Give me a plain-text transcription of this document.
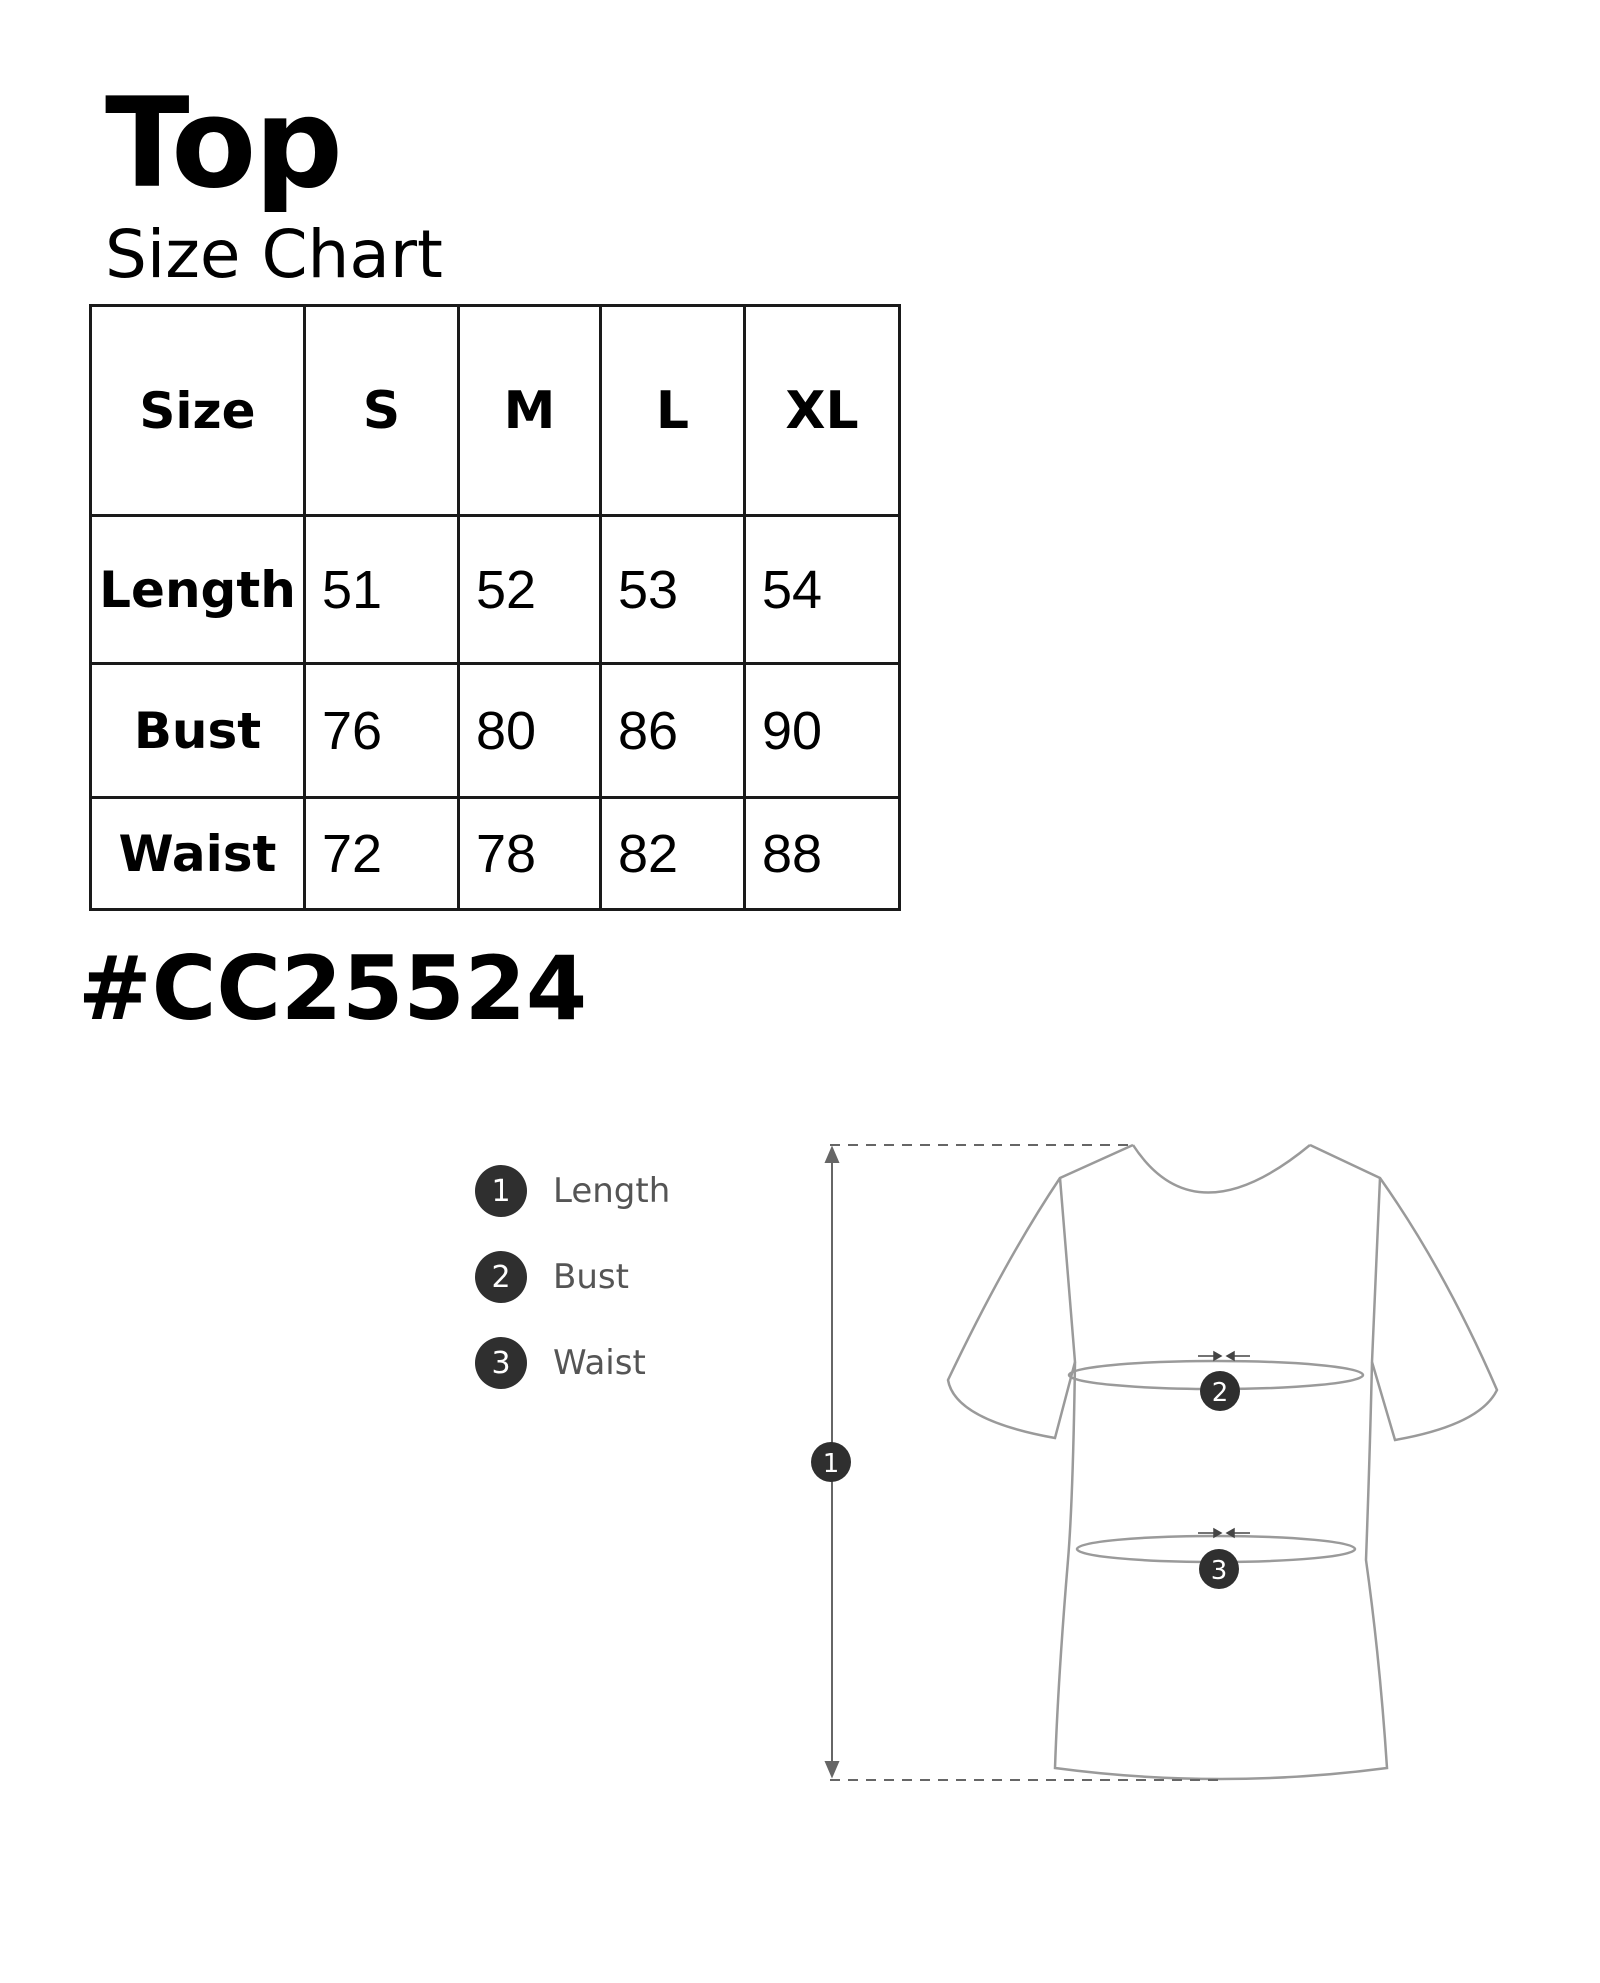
Top
Size Chart
Size	S	M	L	XL
Length	51	52	53	54
Bust	76	80	86	90
Waist	72	78	82	88
#CC25524
1	Length
2	Bust
3	Waist
1
2
3
